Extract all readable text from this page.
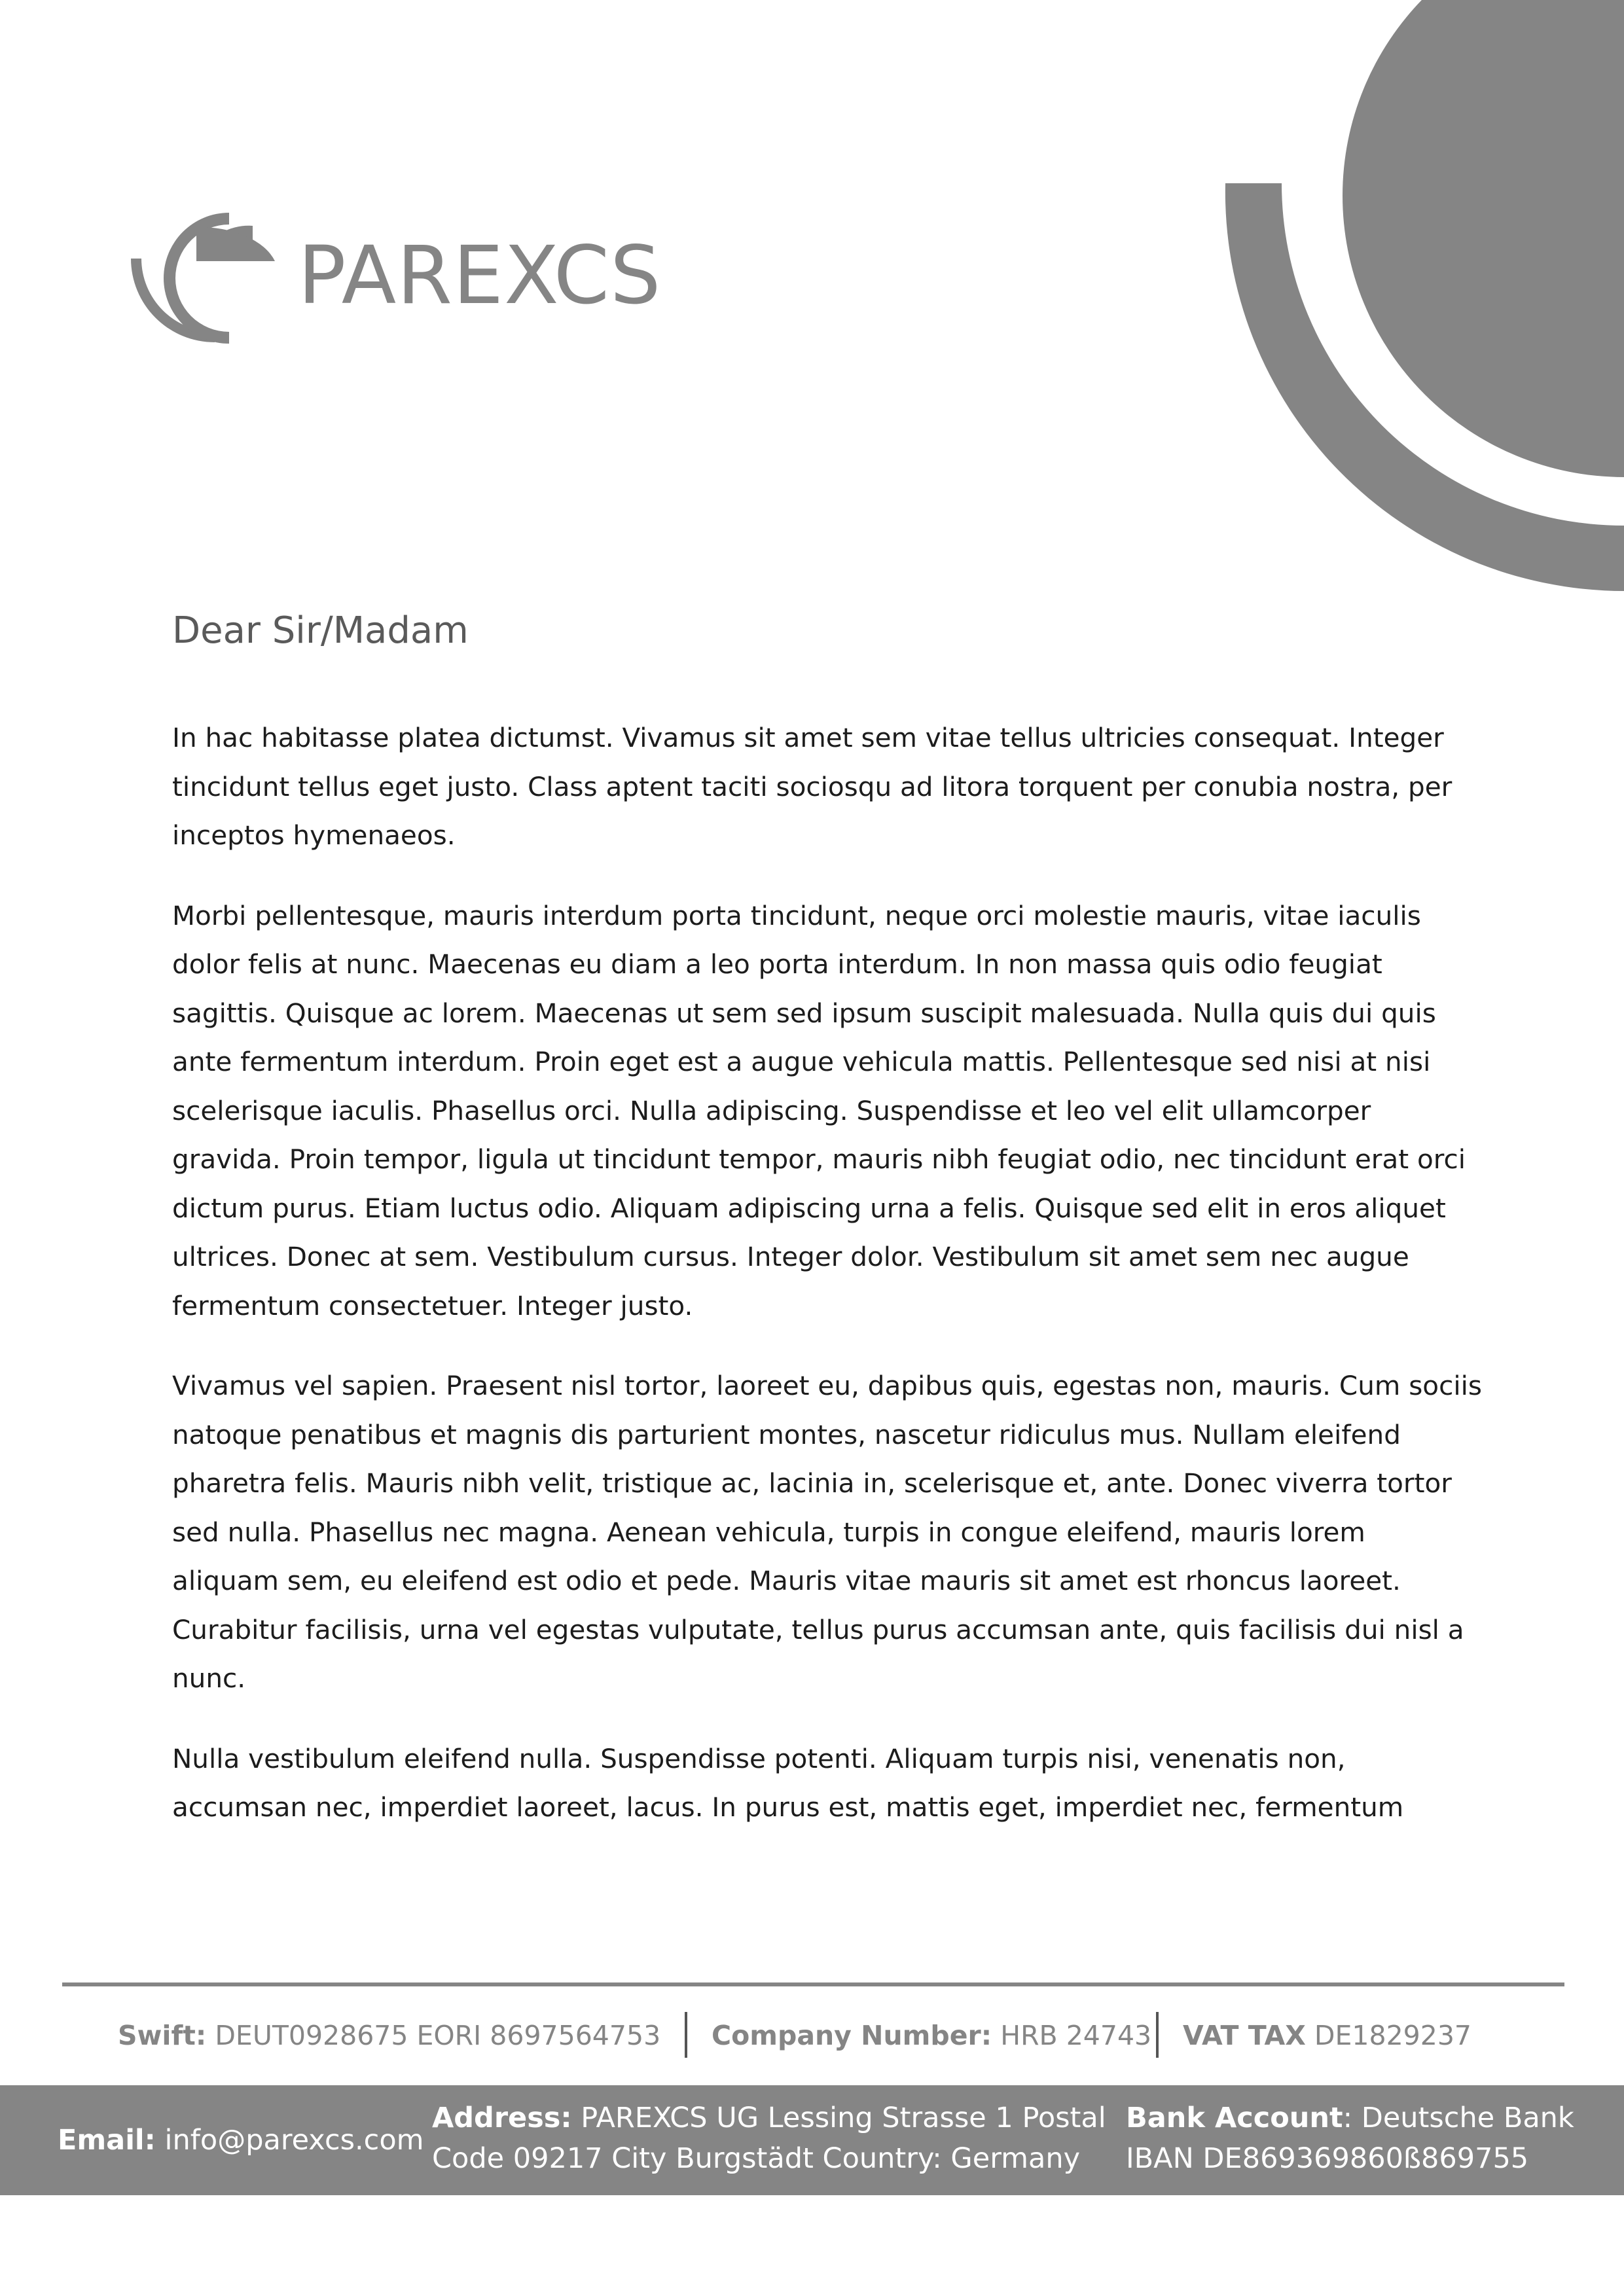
PAREXCS
Dear Sir/Madam

In hac habitasse platea dictumst. Vivamus sit amet sem vitae tellus ultricies consequat. Integer
tincidunt tellus eget justo. Class aptent taciti sociosqu ad litora torquent per conubia nostra, per
inceptos hymenaeos.

Morbi pellentesque, mauris interdum porta tincidunt, neque orci molestie mauris, vitae iaculis
dolor felis at nunc. Maecenas eu diam a leo porta interdum. In non massa quis odio feugiat
sagittis. Quisque ac lorem. Maecenas ut sem sed ipsum suscipit malesuada. Nulla quis dui quis
ante fermentum interdum. Proin eget est a augue vehicula mattis. Pellentesque sed nisi at nisi
scelerisque iaculis. Phasellus orci. Nulla adipiscing. Suspendisse et leo vel elit ullamcorper
gravida. Proin tempor, ligula ut tincidunt tempor, mauris nibh feugiat odio, nec tincidunt erat orci
dictum purus. Etiam luctus odio. Aliquam adipiscing urna a felis. Quisque sed elit in eros aliquet
ultrices. Donec at sem. Vestibulum cursus. Integer dolor. Vestibulum sit amet sem nec augue
fermentum consectetuer. Integer justo.

Vivamus vel sapien. Praesent nisl tortor, laoreet eu, dapibus quis, egestas non, mauris. Cum sociis
natoque penatibus et magnis dis parturient montes, nascetur ridiculus mus. Nullam eleifend
pharetra felis. Mauris nibh velit, tristique ac, lacinia in, scelerisque et, ante. Donec viverra tortor
sed nulla. Phasellus nec magna. Aenean vehicula, turpis in congue eleifend, mauris lorem
aliquam sem, eu eleifend est odio et pede. Mauris vitae mauris sit amet est rhoncus laoreet.
Curabitur facilisis, urna vel egestas vulputate, tellus purus accumsan ante, quis facilisis dui nisl a
nunc.

Nulla vestibulum eleifend nulla. Suspendisse potenti. Aliquam turpis nisi, venenatis non,
accumsan nec, imperdiet laoreet, lacus. In purus est, mattis eget, imperdiet nec, fermentum

Swift: DEUT0928675 EORI 8697564753 Company Number: HRB 24743 VAT TAX DE1829237
Email: info@parexcs.com
Address: PAREXCS UG Lessing Strasse 1 Postal
Code 09217 City Burgstädt Country: Germany
Bank Account: Deutsche Bank
IBAN DE869369860ß869755
